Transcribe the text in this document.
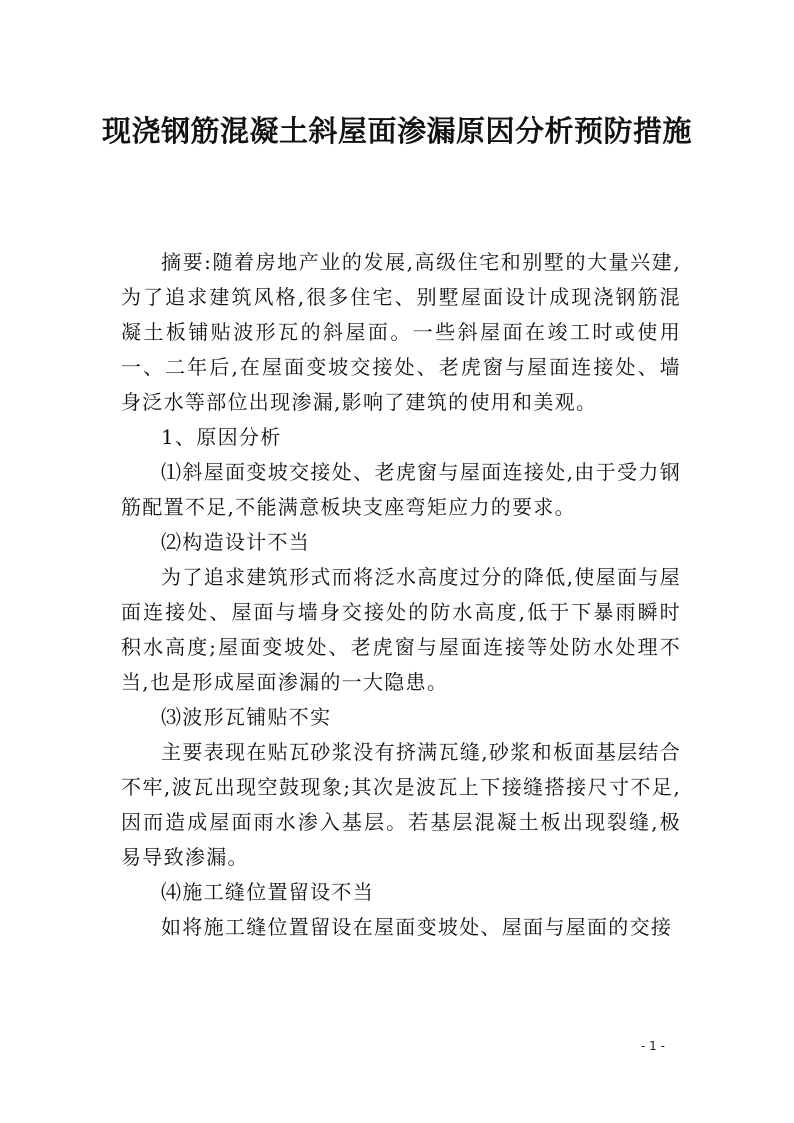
现浇钢筋混凝土斜屋面渗漏原因分析预防措施

摘要:随着房地产业的发展,高级住宅和别墅的大量兴建,为了追求建筑风格,很多住宅、别墅屋面设计成现浇钢筋混凝土板铺贴波形瓦的斜屋面。一些斜屋面在竣工时或使用一、二年后,在屋面变坡交接处、老虎窗与屋面连接处、墙身泛水等部位出现渗漏,影响了建筑的使用和美观。

1、原因分析

⑴斜屋面变坡交接处、老虎窗与屋面连接处,由于受力钢筋配置不足,不能满意板块支座弯矩应力的要求。

⑵构造设计不当

为了追求建筑形式而将泛水高度过分的降低,使屋面与屋面连接处、屋面与墙身交接处的防水高度,低于下暴雨瞬时积水高度;屋面变坡处、老虎窗与屋面连接等处防水处理不当,也是形成屋面渗漏的一大隐患。

⑶波形瓦铺贴不实

主要表现在贴瓦砂浆没有挤满瓦缝,砂浆和板面基层结合不牢,波瓦出现空鼓现象;其次是波瓦上下接缝搭接尺寸不足,因而造成屋面雨水渗入基层。若基层混凝土板出现裂缝,极易导致渗漏。

⑷施工缝位置留设不当

如将施工缝位置留设在屋面变坡处、屋面与屋面的交接

- 1 -
